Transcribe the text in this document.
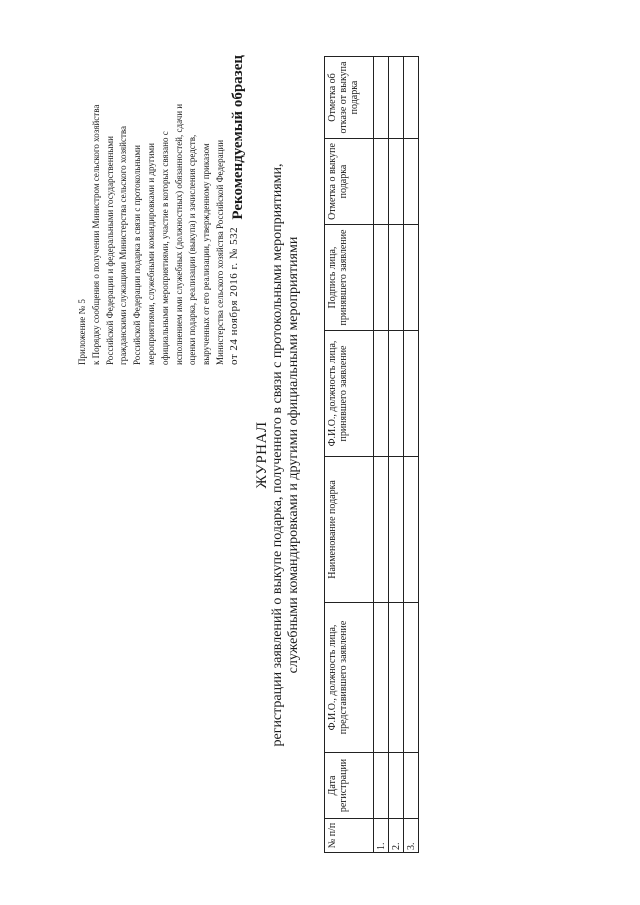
Приложение № 5 к Порядку сообщения о получении Министром сельского хозяйства Российской Федерации и федеральными государственными гражданскими служащими Министерства сельского хозяйства Российской Федерации подарка в связи с протокольными мероприятиями, служебными командировками и другими официальными мероприятиями, участие в которых связано с исполнением ими служебных (должностных) обязанностей, сдачи и оценки подарка, реализации (выкупа) и зачисления средств, вырученных от его реализации, утвержденному приказом Министерства сельского хозяйства Российской Федерации от 24 ноября 2016 г. № 532
Рекомендуемый образец
ЖУРНАЛ регистрации заявлений о выкупе подарка, полученного в связи с протокольными мероприятиями, служебными командировками и другими официальными мероприятиями
№ п/п	Дата регистрации	Ф.И.О., должность лица, представившего заявление	Наименование подарка	Ф.И.О., должность лица, принявшего заявление	Подпись лица, принявшего заявление	Отметка о выкупе подарка	Отметка об отказе от выкупа подарка
1.							
2.							
3.							
